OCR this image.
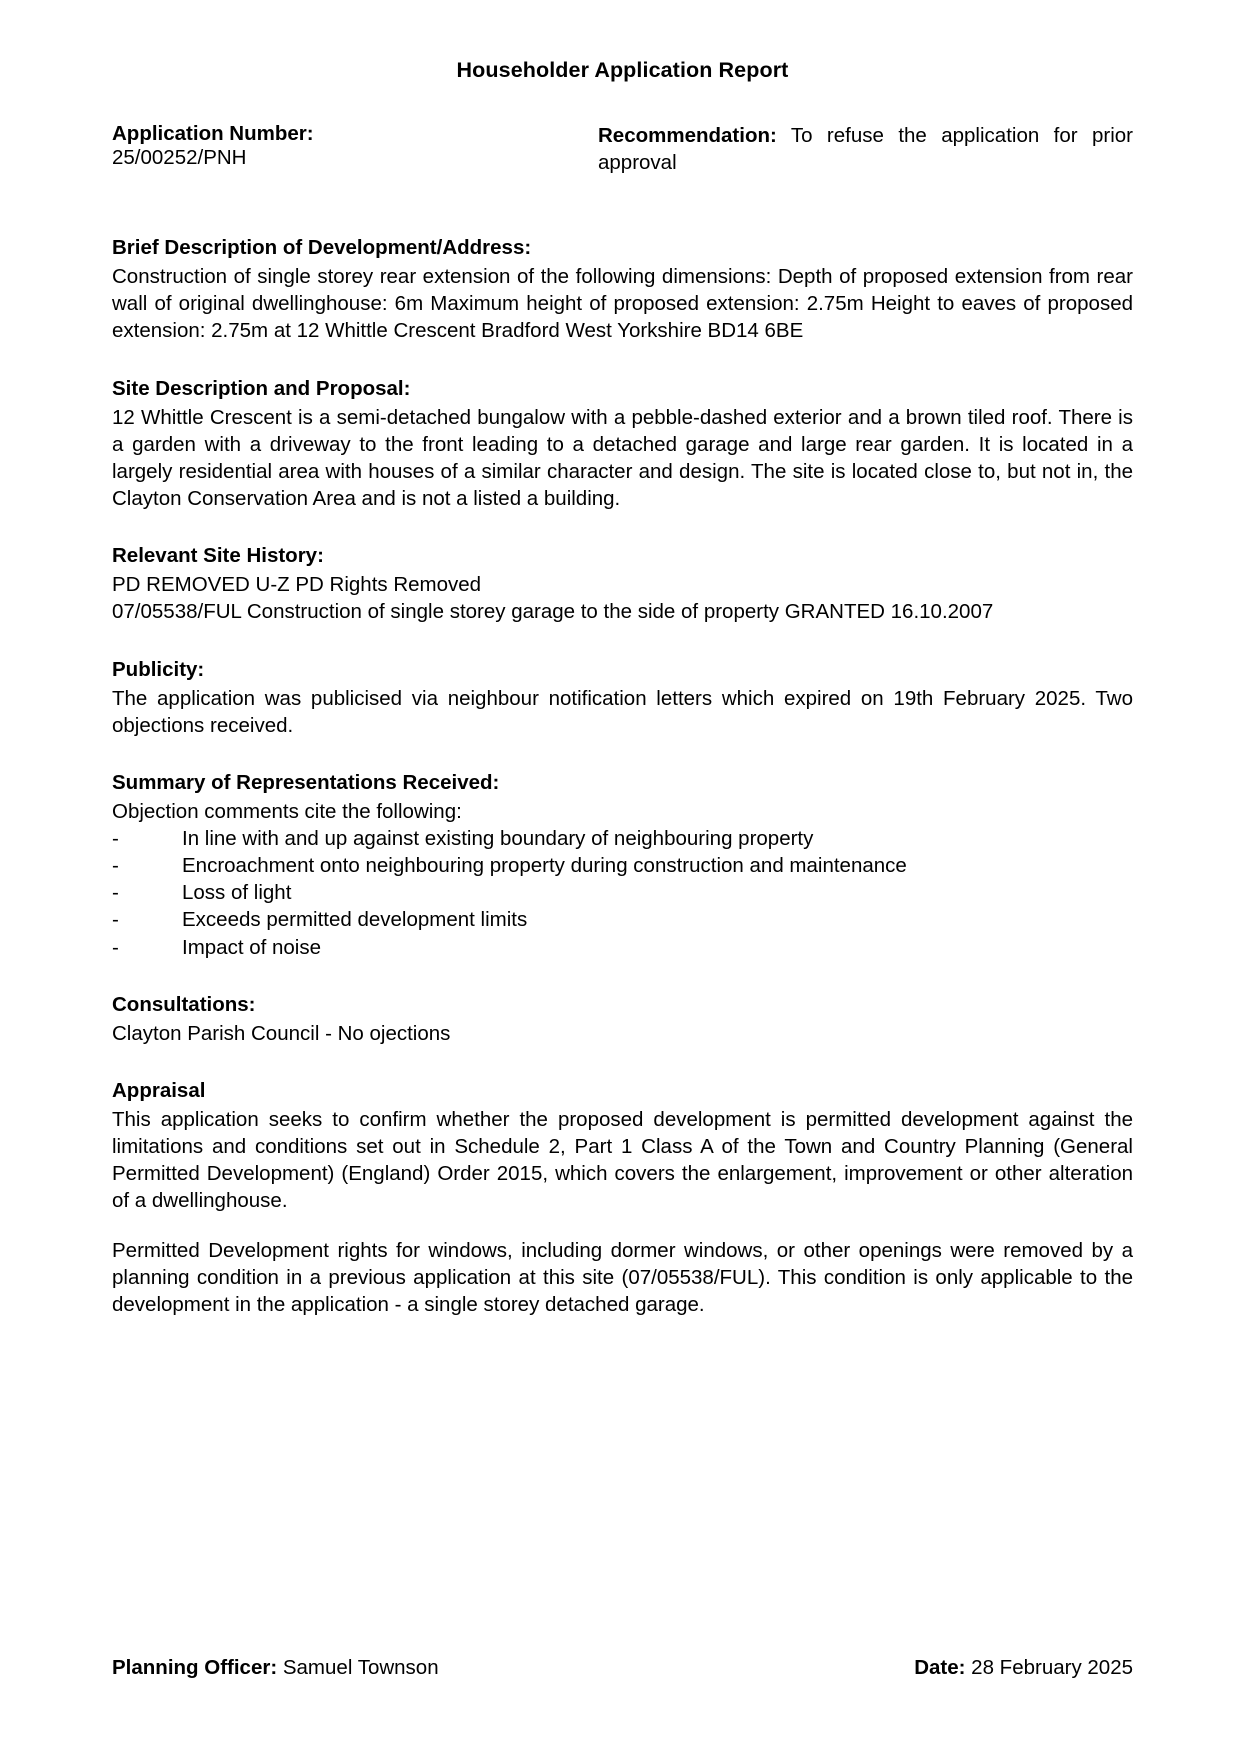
Householder Application Report
Application Number:
25/00252/PNH
Recommendation: To refuse the application for prior approval
Brief Description of Development/Address:
Construction of single storey rear extension of the following dimensions: Depth of proposed extension from rear wall of original dwellinghouse: 6m Maximum height of proposed extension: 2.75m Height to eaves of proposed extension: 2.75m at 12 Whittle Crescent Bradford West Yorkshire BD14 6BE
Site Description and Proposal:
12 Whittle Crescent is a semi-detached bungalow with a pebble-dashed exterior and a brown tiled roof. There is a garden with a driveway to the front leading to a detached garage and large rear garden. It is located in a largely residential area with houses of a similar character and design. The site is located close to, but not in, the Clayton Conservation Area and is not a listed a building.
Relevant Site History:
PD REMOVED U-Z PD Rights Removed
07/05538/FUL Construction of single storey garage to the side of property GRANTED 16.10.2007
Publicity:
The application was publicised via neighbour notification letters which expired on 19th February 2025. Two objections received.
Summary of Representations Received:
Objection comments cite the following:
-	In line with and up against existing boundary of neighbouring property
-	Encroachment onto neighbouring property during construction and maintenance
-	Loss of light
-	Exceeds permitted development limits
-	Impact of noise
Consultations:
Clayton Parish Council - No ojections
Appraisal
This application seeks to confirm whether the proposed development is permitted development against the limitations and conditions set out in Schedule 2, Part 1 Class A of the Town and Country Planning (General Permitted Development) (England) Order 2015, which covers the enlargement, improvement or other alteration of a dwellinghouse.
Permitted Development rights for windows, including dormer windows, or other openings were removed by a planning condition in a previous application at this site (07/05538/FUL). This condition is only applicable to the development in the application - a single storey detached garage.
Planning Officer: Samuel Townson	Date: 28 February 2025
